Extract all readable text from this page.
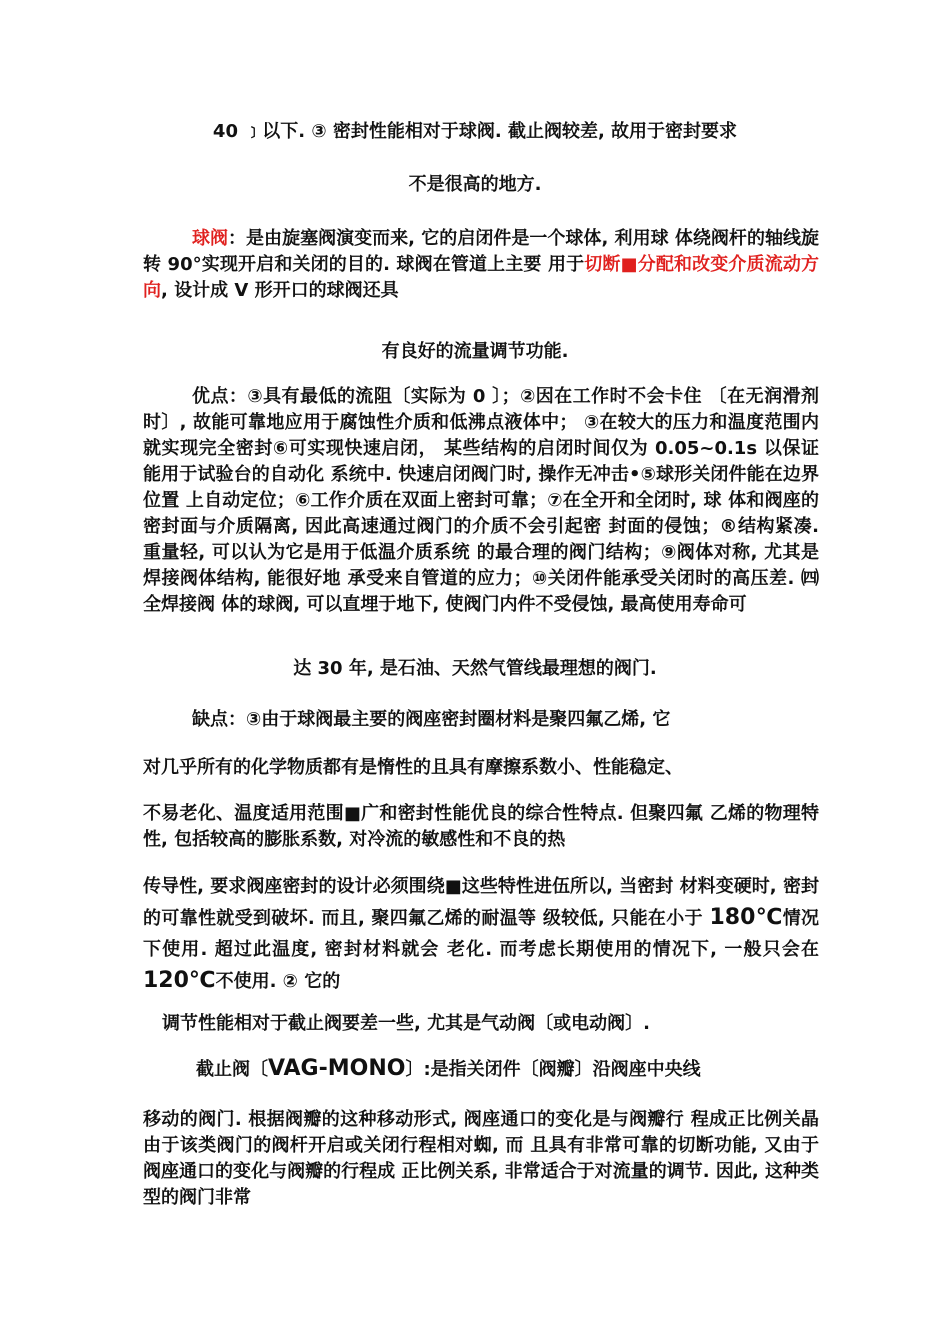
40 ﹞以下. ③ 密封性能相对于球阀. 截止阀较差, 故用于密封要求
不是很高的地方.
球阀：是由旋塞阀演变而来, 它的启闭件是一个球体, 利用球 体绕阀杆的轴线旋转 90°实现开启和关闭的目的. 球阀在管道上主要 用于切断■分配和改变介质流动方向, 设计成 V 形开口的球阀还具
有良好的流量调节功能.
优点：③具有最低的流阻〔实际为 0 〕；②因在工作时不会卡住 〔在无润滑剂时〕, 故能可靠地应用于腐蚀性介质和低沸点液体中； ③在较大的压力和温度范围内就实现完全密封⑥可实现快速启闭， 某些结构的启闭时间仅为 0.05~0.1s 以保证能用于试验台的自动化 系统中. 快速启闭阀门时, 操作无冲击•⑤球形关闭件能在边界位置 上自动定位；⑥工作介质在双面上密封可靠；⑦在全开和全闭时, 球 体和阀座的密封面与介质隔离, 因此高速通过阀门的介质不会引起密 封面的侵蚀；®结构紧凑. 重量轻, 可以认为它是用于低温介质系统 的最合理的阀门结构；⑨阀体对称, 尤其是焊接阀体结构, 能很好地 承受来自管道的应力；⑩关闭件能承受关闭时的高压差. ㈣全焊接阀 体的球阀, 可以直埋于地下, 使阀门内件不受侵蚀, 最高使用寿命可
达 30 年, 是石油、天然气管线最理想的阀门.
缺点：③由于球阀最主要的阀座密封圈材料是聚四氟乙烯, 它
对几乎所有的化学物质都有是惰性的且具有摩擦系数小、性能稳定、
不易老化、温度适用范围■广和密封性能优良的综合性特点. 但聚四氟 乙烯的物理特性, 包括较高的膨胀系数, 对冷流的敏感性和不良的热
传导性, 要求阀座密封的设计必须围绕■这些特性进伍所以, 当密封 材料变硬时, 密封的可靠性就受到破坏. 而且, 聚四氟乙烯的耐温等 级较低, 只能在小于 180℃情况下使用. 超过此温度, 密封材料就会 老化. 而考虑长期使用的情况下, 一般只会在 120℃不使用. ② 它的
调节性能相对于截止阀要差一些, 尤其是气动阀〔或电动阀〕.
截止阀〔VAG-MONO〕:是指关闭件〔阀瓣〕沿阀座中央线
移动的阀门. 根据阀瓣的这种移动形式, 阀座通口的变化是与阀瓣行 程成正比例关晶由于该类阀门的阀杆开启或关闭行程相对蜘, 而 且具有非常可靠的切断功能, 又由于阀座通口的变化与阀瓣的行程成 正比例关系, 非常适合于对流量的调节. 因此, 这种类型的阀门非常
